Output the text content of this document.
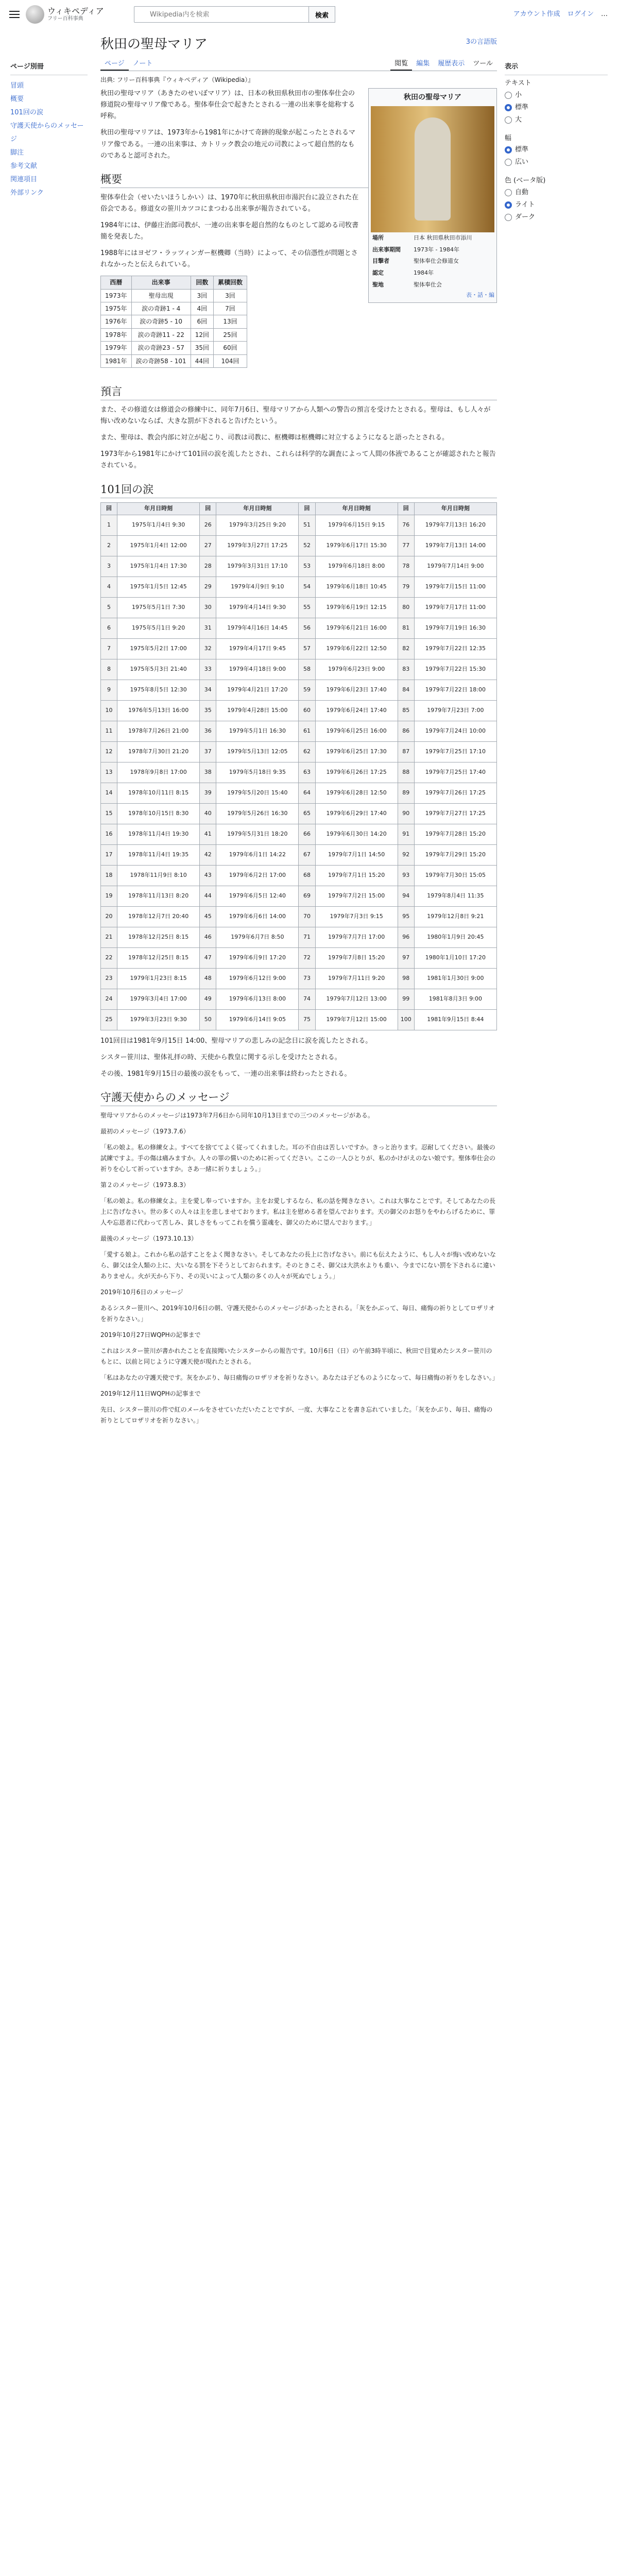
ウィキペディア
フリー百科事典
Wikipedia内を検索	検索	アカウント作成 ログイン …
ページ別冊
冒頭
概要
101回の涙
守護天使からのメッセージ
脚注
参考文献
関連項目
外部リンク
表示
テキスト
小
標準
大
幅
標準
広い
色 (ベータ版)
自動
ライト
ダーク
秋田の聖母マリア	3の言語版
ページ	ノート	閲覧	編集	履歴表示	ツール
出典: フリー百科事典『ウィキペディア（Wikipedia）』
秋田の聖母マリア
場所	日本 秋田県秋田市添川
出来事期間	1973年 - 1984年
目撃者	聖体奉仕会修道女
認定	1984年
聖地	聖体奉仕会
表・話・編

秋田の聖母マリア（あきたのせいぼマリア）は、日本の秋田県秋田市の聖体奉仕会の修道院の聖母マリア像である。聖体奉仕会で起きたとされる一連の出来事を総称する呼称。

秋田の聖母マリアは、1973年から1981年にかけて奇跡的現象が起こったとされるマリア像である。一連の出来事は、カトリック教会の地元の司教によって超自然的なものであると認可された。

概要

聖体奉仕会（せいたいほうしかい）は、1970年に秋田県秋田市湯沢台に設立された在俗会である。修道女の笹川カツコにまつわる出来事が報告されている。

1984年には、伊藤庄治郎司教が、一連の出来事を超自然的なものとして認める司牧書簡を発表した。

1988年にはヨゼフ・ラッツィンガー枢機卿（当時）によって、その信憑性が問題とされなかったと伝えられている。

西暦	出来事	回数	累積回数
1973年	聖母出現	3回	3回
1975年	涙の奇跡1 - 4	4回	7回
1976年	涙の奇跡5 - 10	6回	13回
1978年	涙の奇跡11 - 22	12回	25回
1979年	涙の奇跡23 - 57	35回	60回
1981年	涙の奇跡58 - 101	44回	104回
預言

また、その修道女は修道会の修練中に、同年7月6日、聖母マリアから人類への警告の預言を受けたとされる。聖母は、もし人々が悔い改めないならば、大きな罰が下されると告げたという。

また、聖母は、教会内部に対立が起こり、司教は司教に、枢機卿は枢機卿に対立するようになると語ったとされる。

1973年から1981年にかけて101回の涙を流したとされ、これらは科学的な調査によって人間の体液であることが確認されたと報告されている。

101回の涙
回	年月日時刻	回	年月日時刻	回	年月日時刻	回	年月日時刻
1	1975年1月4日 9:30	26	1979年3月25日 9:20	51	1979年6月15日 9:15	76	1979年7月13日 16:20
2	1975年1月4日 12:00	27	1979年3月27日 17:25	52	1979年6月17日 15:30	77	1979年7月13日 14:00
3	1975年1月4日 17:30	28	1979年3月31日 17:10	53	1979年6月18日 8:00	78	1979年7月14日 9:00
4	1975年1月5日 12:45	29	1979年4月9日 9:10	54	1979年6月18日 10:45	79	1979年7月15日 11:00
5	1975年5月1日 7:30	30	1979年4月14日 9:30	55	1979年6月19日 12:15	80	1979年7月17日 11:00
6	1975年5月1日 9:20	31	1979年4月16日 14:45	56	1979年6月21日 16:00	81	1979年7月19日 16:30
7	1975年5月2日 17:00	32	1979年4月17日 9:45	57	1979年6月22日 12:50	82	1979年7月22日 12:35
8	1975年5月3日 21:40	33	1979年4月18日 9:00	58	1979年6月23日 9:00	83	1979年7月22日 15:30
9	1975年8月5日 12:30	34	1979年4月21日 17:20	59	1979年6月23日 17:40	84	1979年7月22日 18:00
10	1976年5月13日 16:00	35	1979年4月28日 15:00	60	1979年6月24日 17:40	85	1979年7月23日 7:00
11	1978年7月26日 21:00	36	1979年5月1日 16:30	61	1979年6月25日 16:00	86	1979年7月24日 10:00
12	1978年7月30日 21:20	37	1979年5月13日 12:05	62	1979年6月25日 17:30	87	1979年7月25日 17:10
13	1978年9月8日 17:00	38	1979年5月18日 9:35	63	1979年6月26日 17:25	88	1979年7月25日 17:40
14	1978年10月11日 8:15	39	1979年5月20日 15:40	64	1979年6月28日 12:50	89	1979年7月26日 17:25
15	1978年10月15日 8:30	40	1979年5月26日 16:30	65	1979年6月29日 17:40	90	1979年7月27日 17:25
16	1978年11月4日 19:30	41	1979年5月31日 18:20	66	1979年6月30日 14:20	91	1979年7月28日 15:20
17	1978年11月4日 19:35	42	1979年6月1日 14:22	67	1979年7月1日 14:50	92	1979年7月29日 15:20
18	1978年11月9日 8:10	43	1979年6月2日 17:00	68	1979年7月1日 15:20	93	1979年7月30日 15:05
19	1978年11月13日 8:20	44	1979年6月5日 12:40	69	1979年7月2日 15:00	94	1979年8月4日 11:35
20	1978年12月7日 20:40	45	1979年6月6日 14:00	70	1979年7月3日 9:15	95	1979年12月8日 9:21
21	1978年12月25日 8:15	46	1979年6月7日 8:50	71	1979年7月7日 17:00	96	1980年1月9日 20:45
22	1978年12月25日 8:15	47	1979年6月9日 17:20	72	1979年7月8日 15:20	97	1980年1月10日 17:20
23	1979年1月23日 8:15	48	1979年6月12日 9:00	73	1979年7月11日 9:20	98	1981年1月30日 9:00
24	1979年3月4日 17:00	49	1979年6月13日 8:00	74	1979年7月12日 13:00	99	1981年8月3日 9:00
25	1979年3月23日 9:30	50	1979年6月14日 9:05	75	1979年7月12日 15:00	100	1981年9月15日 8:44

101回目は1981年9月15日 14:00、聖母マリアの悲しみの記念日に涙を流したとされる。

シスター笹川は、聖体礼拝の時、天使から教皇に関する示しを受けたとされる。

その後、1981年9月15日の最後の涙をもって、一連の出来事は終わったとされる。

守護天使からのメッセージ

聖母マリアからのメッセージは1973年7月6日から同年10月13日までの三つのメッセージがある。

最初のメッセージ（1973.7.6）

「私の娘よ。私の修練女よ。すべてを捨ててよく従ってくれました。耳の不自由は苦しいですか。きっと治ります。忍耐してください。最後の試練ですよ。手の傷は痛みますか。人々の罪の償いのために祈ってください。ここの一人ひとりが、私のかけがえのない娘です。聖体奉仕会の祈りを心して祈っていますか。さあ一緒に祈りましょう。」

第２のメッセージ（1973.8.3）

「私の娘よ。私の修練女よ。主を愛し奉っていますか。主をお愛しするなら、私の話を聞きなさい。これは大事なことです。そしてあなたの長上に告げなさい。世の多くの人々は主を悲しませております。私は主を慰める者を望んでおります。天の御父のお怒りをやわらげるために、罪人や忘恩者に代わって苦しみ、貧しさをもってこれを償う霊魂を、御父のために望んでおります。」

最後のメッセージ（1973.10.13）

「愛する娘よ。これから私の話すことをよく聞きなさい。そしてあなたの長上に告げなさい。前にも伝えたように、もし人々が悔い改めないなら、御父は全人類の上に、大いなる罰を下そうとしておられます。そのときこそ、御父は大洪水よりも重い、今までにない罰を下されるに違いありません。火が天から下り、その災いによって人類の多くの人々が死ぬでしょう。」

2019年10月6日のメッセージ

あるシスター笹川へ、2019年10月6日の朝、守護天使からのメッセージがあったとされる。「灰をかぶって、毎日、痛悔の祈りとしてロザリオを祈りなさい。」

2019年10月27日WQPHの記事まで

これはシスター笹川が書かれたことを直接聞いたシスターからの報告です。10月6日（日）の午前3時半頃に、秋田で目覚めたシスター笹川のもとに、以前と同じように守護天使が現れたとされる。

「私はあなたの守護天使です。灰をかぶり、毎日痛悔のロザリオを祈りなさい。あなたは子どものようになって、毎日痛悔の祈りをしなさい。」

2019年12月11日WQPHの記事まで

先日、シスター笹川の件で紅のメールをさせていただいたことですが、一度、大事なことを書き忘れていました。「灰をかぶり、毎日、痛悔の祈りとしてロザリオを祈りなさい。」
